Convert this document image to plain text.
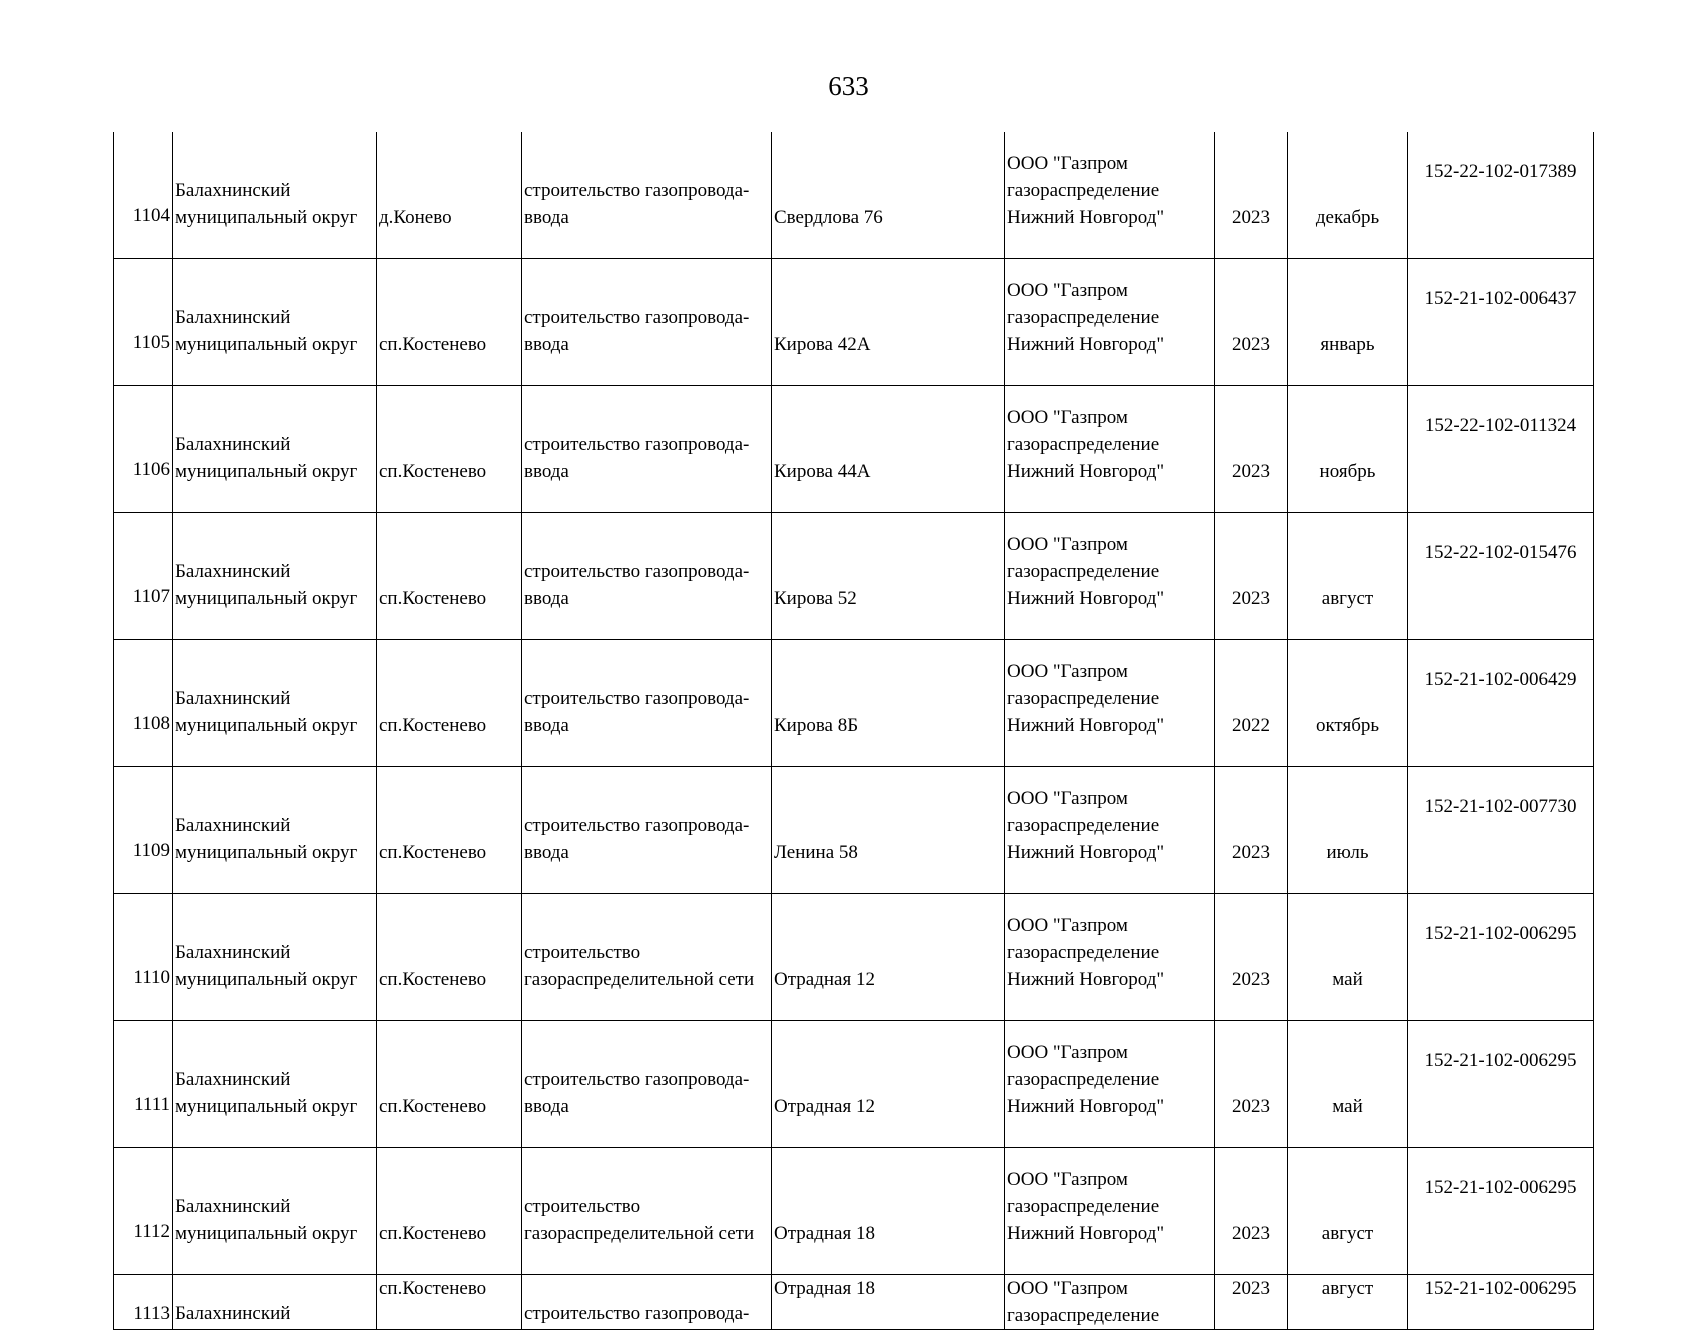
633
1104	Балахнинский муниципальный округ	д.Конево	строительство газопровода-ввода	Свердлова 76	ООО "Газпром газораспределение Нижний Новгород"	2023	декабрь	152-22-102-017389

1105	Балахнинский муниципальный округ	сп.Костенево	строительство газопровода-ввода	Кирова 42А	ООО "Газпром газораспределение Нижний Новгород"	2023	январь	152-21-102-006437

1106	Балахнинский муниципальный округ	сп.Костенево	строительство газопровода-ввода	Кирова 44А	ООО "Газпром газораспределение Нижний Новгород"	2023	ноябрь	152-22-102-011324

1107	Балахнинский муниципальный округ	сп.Костенево	строительство газопровода-ввода	Кирова 52	ООО "Газпром газораспределение Нижний Новгород"	2023	август	152-22-102-015476

1108	Балахнинский муниципальный округ	сп.Костенево	строительство газопровода-ввода	Кирова 8Б	ООО "Газпром газораспределение Нижний Новгород"	2022	октябрь	152-21-102-006429

1109	Балахнинский муниципальный округ	сп.Костенево	строительство газопровода-ввода	Ленина 58	ООО "Газпром газораспределение Нижний Новгород"	2023	июль	152-21-102-007730

1110	Балахнинский муниципальный округ	сп.Костенево	строительство газораспределительной сети	Отрадная 12	ООО "Газпром газораспределение Нижний Новгород"	2023	май	152-21-102-006295

1111	Балахнинский муниципальный округ	сп.Костенево	строительство газопровода-ввода	Отрадная 12	ООО "Газпром газораспределение Нижний Новгород"	2023	май	152-21-102-006295

1112	Балахнинский муниципальный округ	сп.Костенево	строительство газораспределительной сети	Отрадная 18	ООО "Газпром газораспределение Нижний Новгород"	2023	август	152-21-102-006295

1113	Балахнинский	сп.Костенево	строительство газопровода-	Отрадная 18	ООО "Газпром газораспределение	2023	август	152-21-102-006295
